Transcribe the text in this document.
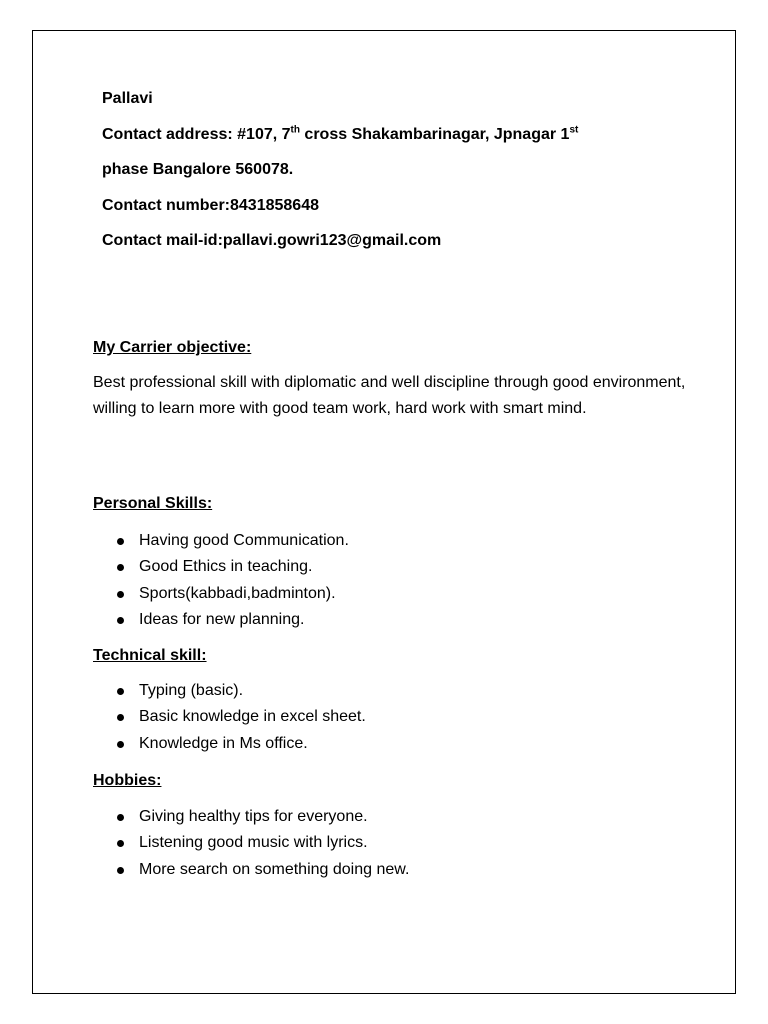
Pallavi
Contact address: #107, 7th cross Shakambarinagar, Jpnagar 1st
phase Bangalore 560078.
Contact number:8431858648
Contact mail-id:pallavi.gowri123@gmail.com
My Carrier objective:
Best professional skill with diplomatic and well discipline through good environment, willing to learn more with good team work, hard work with smart mind.
Personal Skills:
Having good Communication.
Good Ethics in teaching.
Sports(kabbadi,badminton).
Ideas for new planning.
Technical skill:
Typing (basic).
Basic knowledge in excel sheet.
Knowledge in Ms office.
Hobbies:
Giving healthy tips for everyone.
Listening good music with lyrics.
More search on something doing new.
